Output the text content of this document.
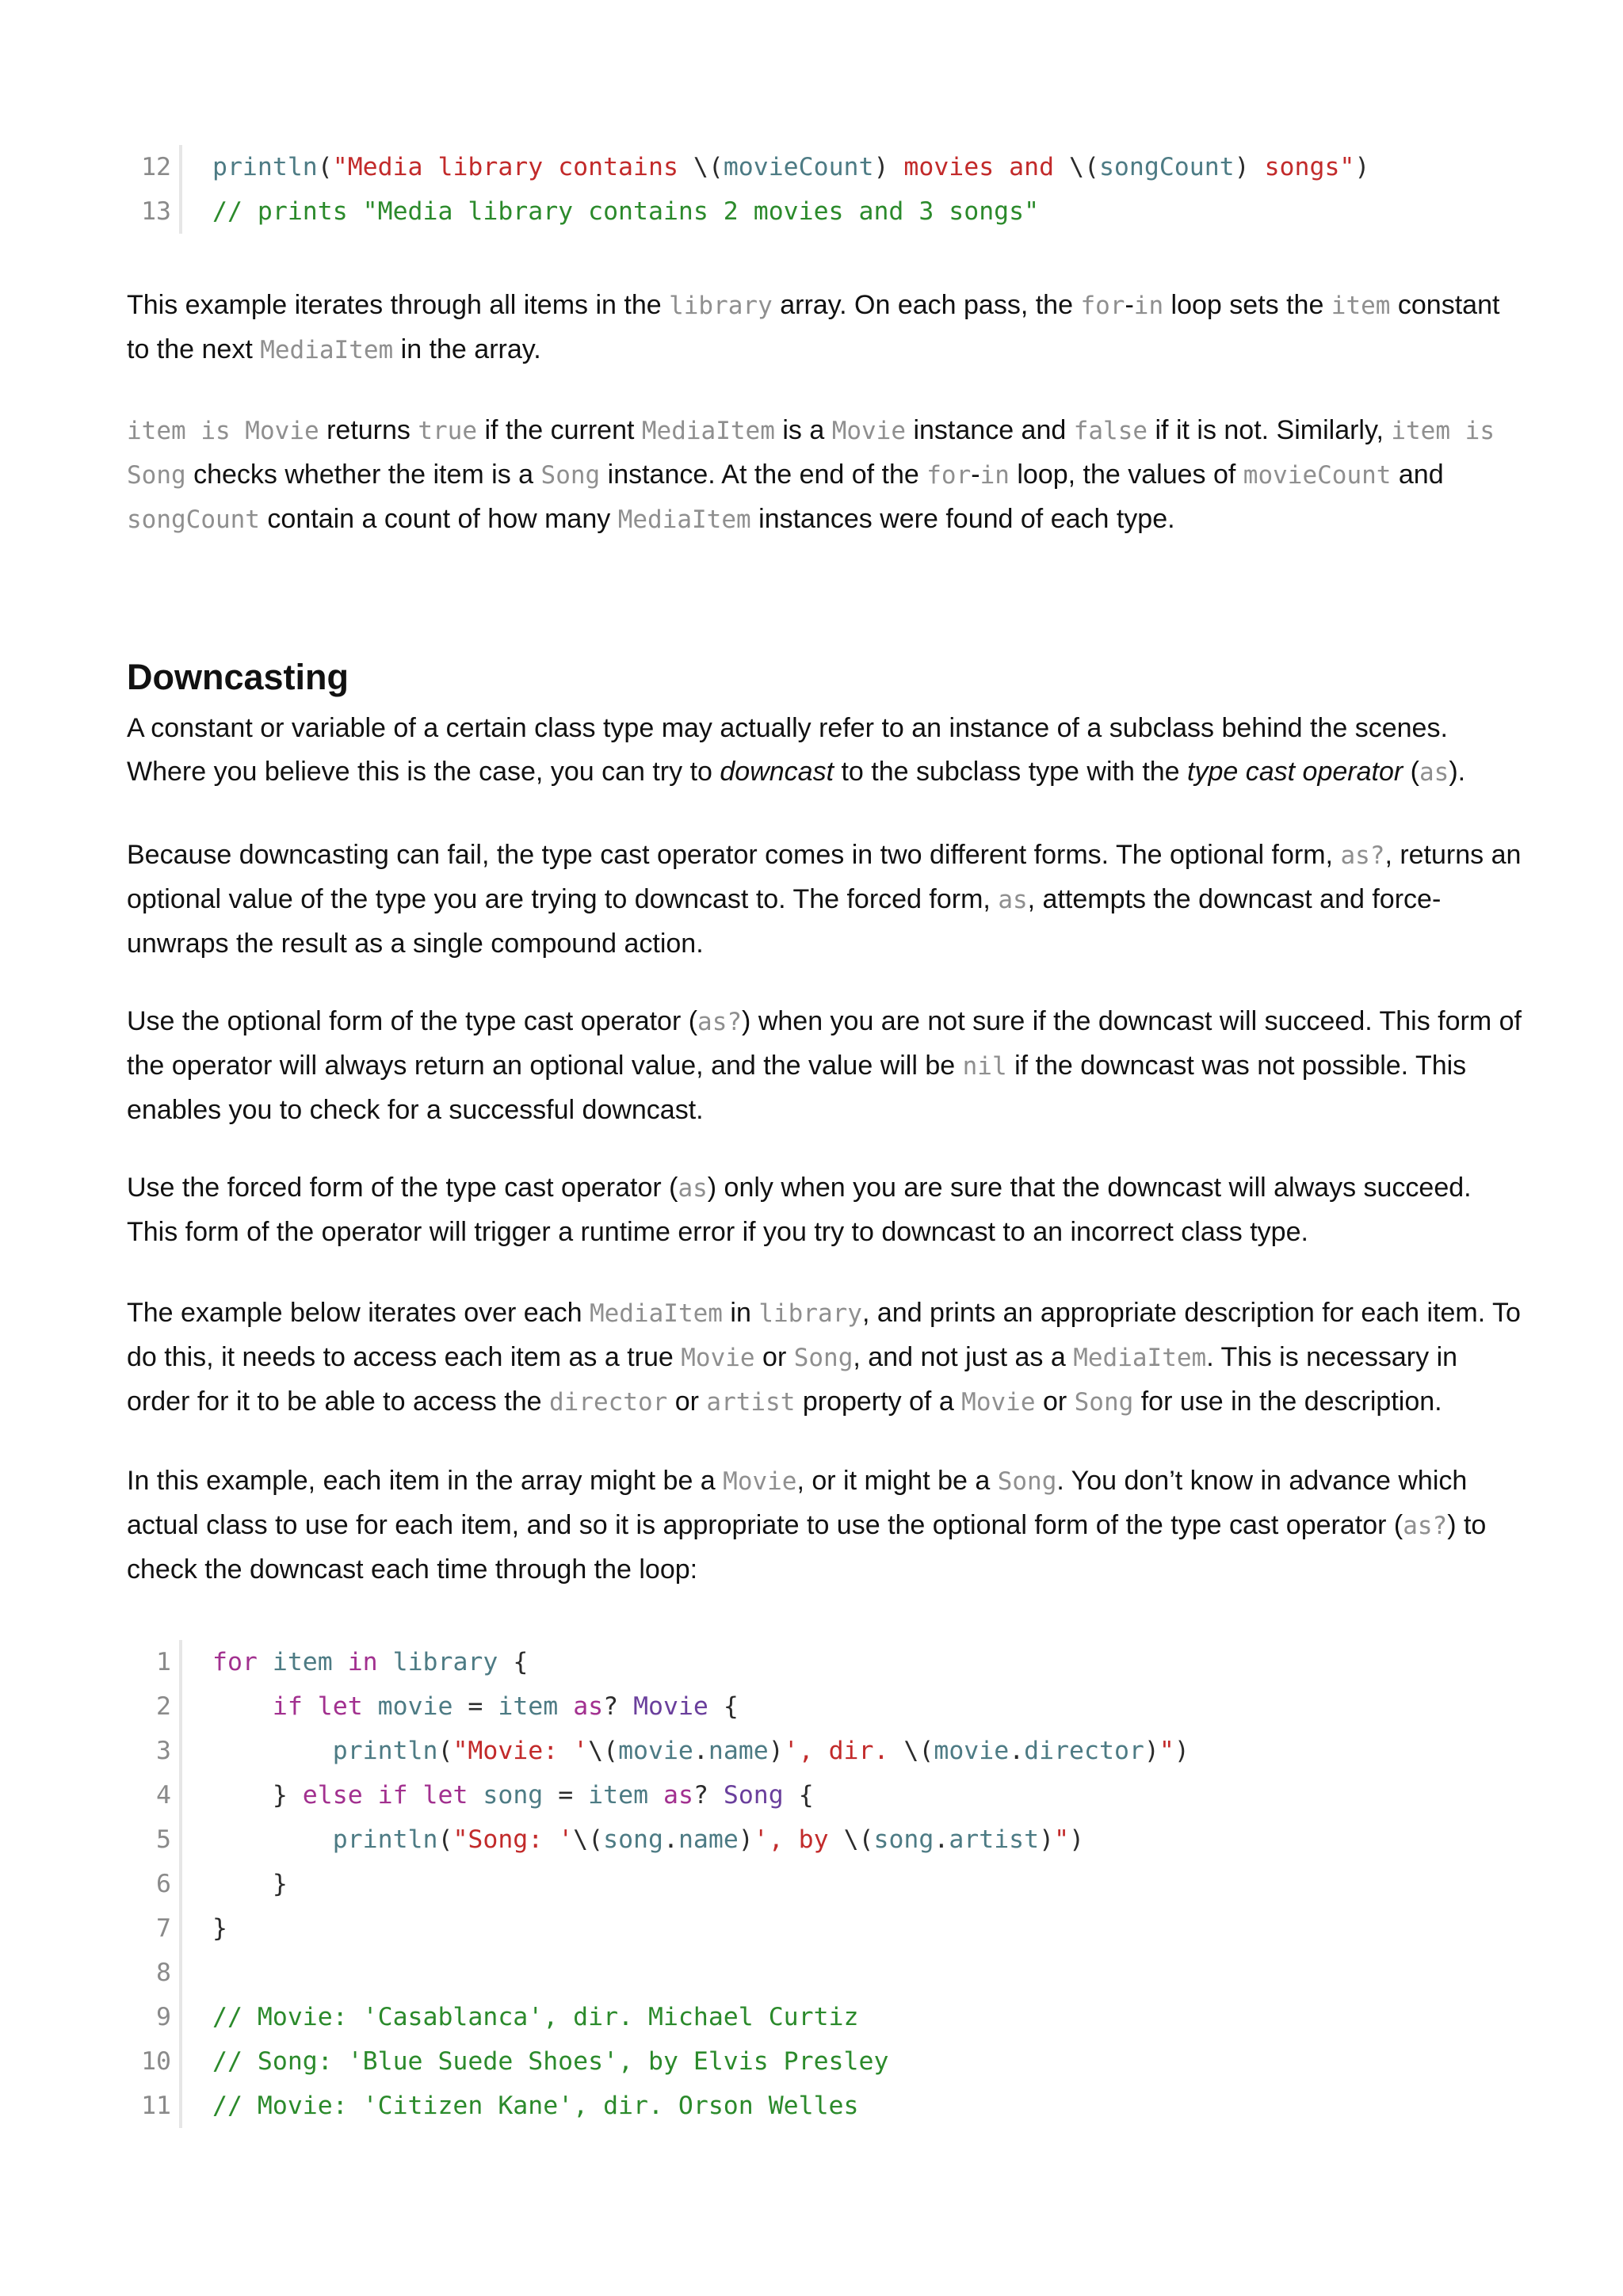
12 println("Media library contains \(movieCount) movies and \(songCount) songs")
13 // prints "Media library contains 2 movies and 3 songs"

This example iterates through all items in the library array. On each pass, the for-in loop sets the item constant to the next MediaItem in the array.

item is Movie returns true if the current MediaItem is a Movie instance and false if it is not. Similarly, item is Song checks whether the item is a Song instance. At the end of the for-in loop, the values of movieCount and songCount contain a count of how many MediaItem instances were found of each type.

Downcasting

A constant or variable of a certain class type may actually refer to an instance of a subclass behind the scenes. Where you believe this is the case, you can try to downcast to the subclass type with the type cast operator (as).

Because downcasting can fail, the type cast operator comes in two different forms. The optional form, as?, returns an optional value of the type you are trying to downcast to. The forced form, as, attempts the downcast and force-unwraps the result as a single compound action.

Use the optional form of the type cast operator (as?) when you are not sure if the downcast will succeed. This form of the operator will always return an optional value, and the value will be nil if the downcast was not possible. This enables you to check for a successful downcast.

Use the forced form of the type cast operator (as) only when you are sure that the downcast will always succeed. This form of the operator will trigger a runtime error if you try to downcast to an incorrect class type.

The example below iterates over each MediaItem in library, and prints an appropriate description for each item. To do this, it needs to access each item as a true Movie or Song, and not just as a MediaItem. This is necessary in order for it to be able to access the director or artist property of a Movie or Song for use in the description.

In this example, each item in the array might be a Movie, or it might be a Song. You don’t know in advance which actual class to use for each item, and so it is appropriate to use the optional form of the type cast operator (as?) to check the downcast each time through the loop:

1 for item in library {
2	if let movie = item as? Movie {
3	println("Movie: '\(movie.name)', dir. \(movie.director)")
4 } else if let song = item as? Song {
5	println("Song: '\(song.name)', by \(song.artist)")
6 }
7 }
8
9 // Movie: 'Casablanca', dir. Michael Curtiz
10 // Song: 'Blue Suede Shoes', by Elvis Presley
11 // Movie: 'Citizen Kane', dir. Orson Welles
